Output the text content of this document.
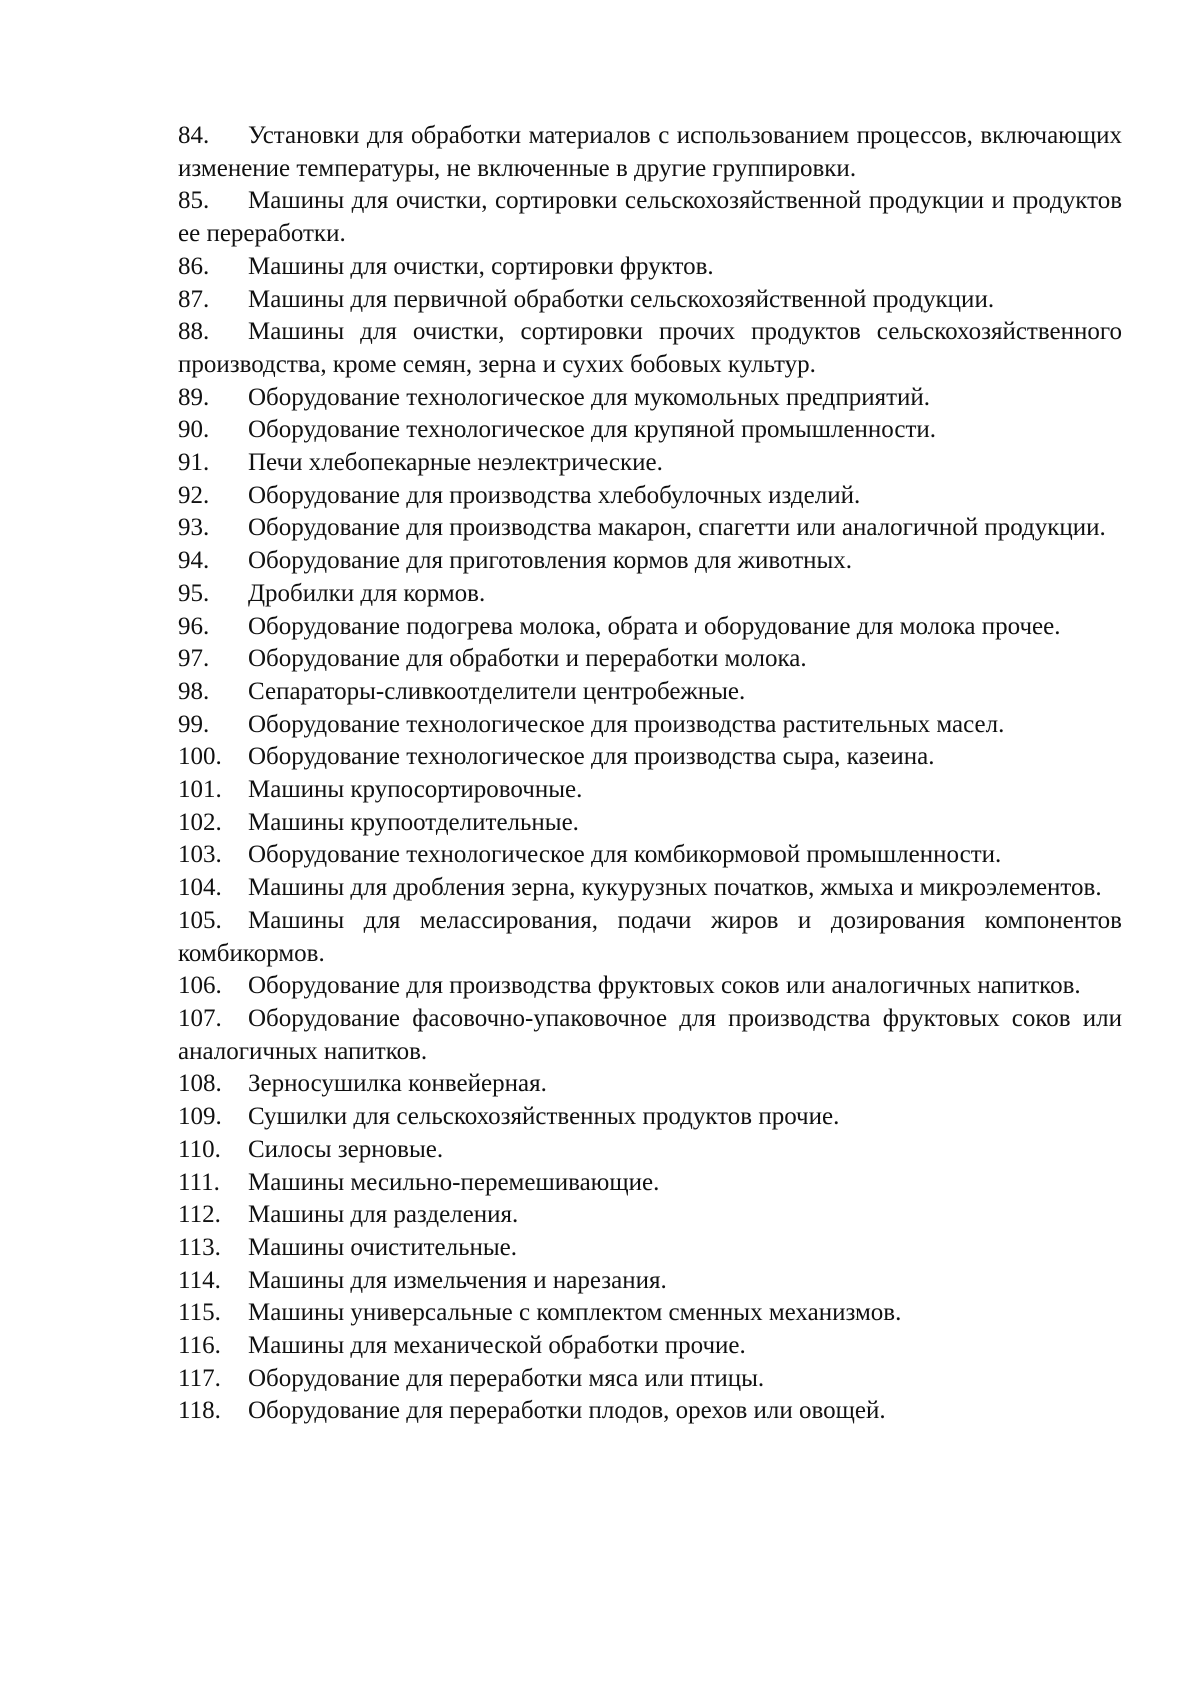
84. Установки для обработки материалов с использованием процессов, включающих изменение температуры, не включенные в другие группировки.
85. Машины для очистки, сортировки сельскохозяйственной продукции и продуктов ее переработки.
86. Машины для очистки, сортировки фруктов.
87. Машины для первичной обработки сельскохозяйственной продукции.
88. Машины для очистки, сортировки прочих продуктов сельскохозяйственного производства, кроме семян, зерна и сухих бобовых культур.
89. Оборудование технологическое для мукомольных предприятий.
90. Оборудование технологическое для крупяной промышленности.
91. Печи хлебопекарные неэлектрические.
92. Оборудование для производства хлебобулочных изделий.
93. Оборудование для производства макарон, спагетти или аналогичной продукции.
94. Оборудование для приготовления кормов для животных.
95. Дробилки для кормов.
96. Оборудование подогрева молока, обрата и оборудование для молока прочее.
97. Оборудование для обработки и переработки молока.
98. Сепараторы-сливкоотделители центробежные.
99. Оборудование технологическое для производства растительных масел.
100. Оборудование технологическое для производства сыра, казеина.
101. Машины крупосортировочные.
102. Машины крупоотделительные.
103. Оборудование технологическое для комбикормовой промышленности.
104. Машины для дробления зерна, кукурузных початков, жмыха и микроэлементов.
105. Машины для мелассирования, подачи жиров и дозирования компонентов комбикормов.
106. Оборудование для производства фруктовых соков или аналогичных напитков.
107. Оборудование фасовочно-упаковочное для производства фруктовых соков или аналогичных напитков.
108. Зерносушилка конвейерная.
109. Сушилки для сельскохозяйственных продуктов прочие.
110. Силосы зерновые.
111. Машины месильно-перемешивающие.
112. Машины для разделения.
113. Машины очистительные.
114. Машины для измельчения и нарезания.
115. Машины универсальные с комплектом сменных механизмов.
116. Машины для механической обработки прочие.
117. Оборудование для переработки мяса или птицы.
118. Оборудование для переработки плодов, орехов или овощей.
